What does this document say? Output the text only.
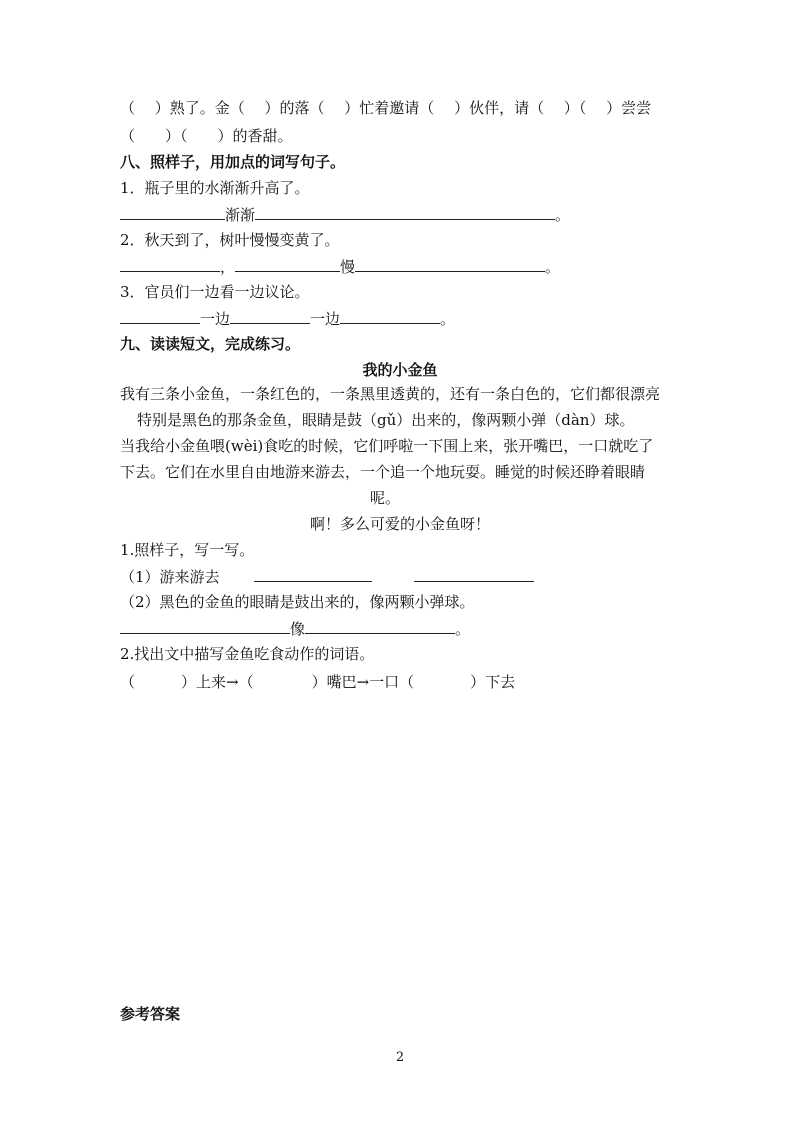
（　 ）熟了。金（　 ）的落（　 ）忙着邀请（　 ）伙伴，请（　 ）（　 ）尝尝
（　　）（　　）的香甜。
八、照样子，用加点的词写句子。
1．瓶子里的水渐渐升高了。
渐渐	。
2．秋天到了，树叶慢慢变黄了。
，	慢	。
3．官员们一边看一边议论。
一边	一边	。
九、读读短文，完成练习。
我的小金鱼
我有三条小金鱼，一条红色的，一条黑里透黄的，还有一条白色的，它们都很漂亮
特别是黑色的那条金鱼，眼睛是鼓（gǔ）出来的，像两颗小弹（dàn）球。
当我给小金鱼喂(wèi)食吃的时候，它们呼啦一下围上来，张开嘴巴，一口就吃了
下去。它们在水里自由地游来游去，一个追一个地玩耍。睡觉的时候还睁着眼睛
呢。
啊！多么可爱的小金鱼呀！
1.照样子，写一写。
（1）游来游去
（2）黑色的金鱼的眼睛是鼓出来的，像两颗小弹球。
像	。
2.找出文中描写金鱼吃食动作的词语。
（	）上来→（	）嘴巴→一口（	）下去
参考答案
2
